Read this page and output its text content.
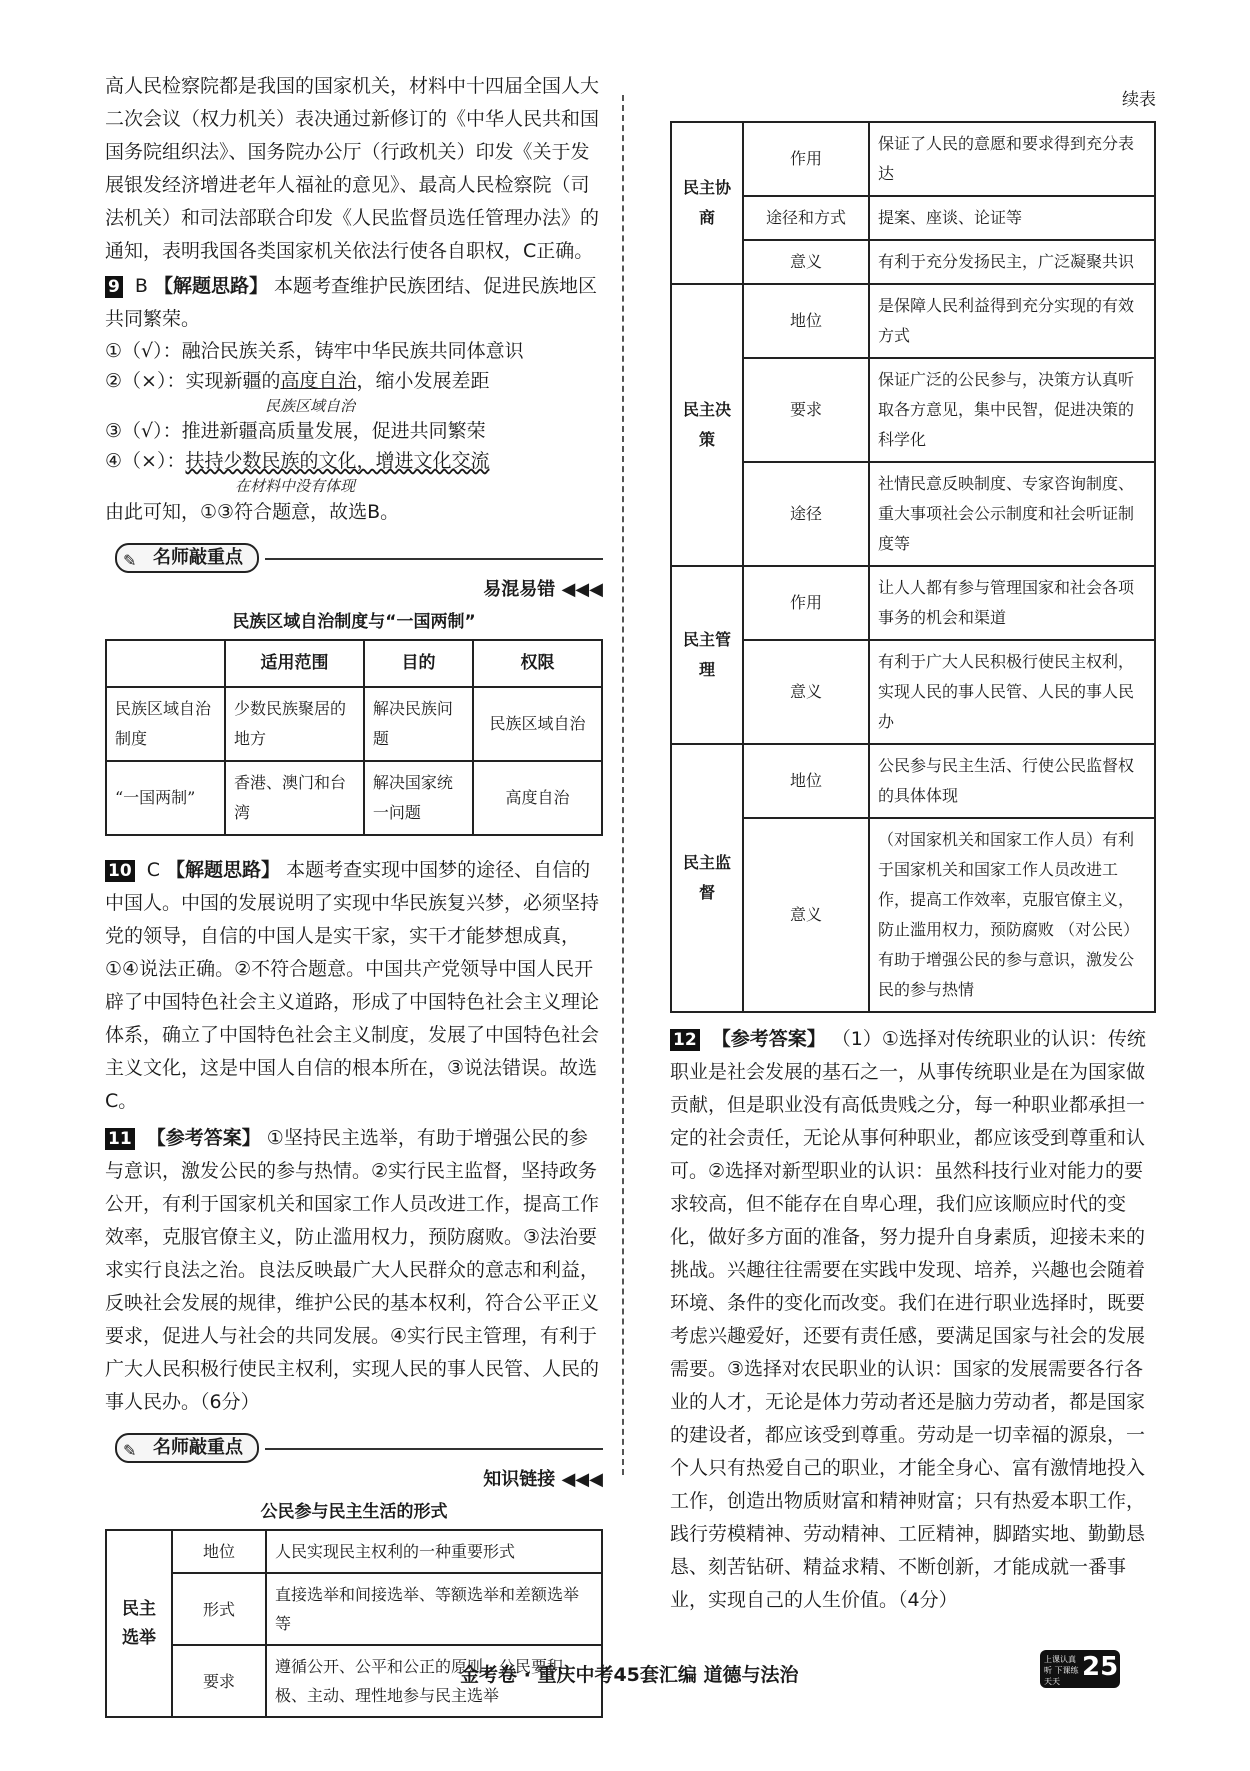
高人民检察院都是我国的国家机关，材料中十四届全国人大二次会议（权力机关）表决通过新修订的《中华人民共和国国务院组织法》、国务院办公厅（行政机关）印发《关于发展银发经济增进老年人福祉的意见》、最高人民检察院（司法机关）和司法部联合印发《人民监督员选任管理办法》的通知，表明我国各类国家机关依法行使各自职权，C正确。

9 B 【解题思路】 本题考查维护民族团结、促进民族地区共同繁荣。

①（√）：融洽民族关系，铸牢中华民族共同体意识

②（×）：实现新疆的高度自治，缩小发展差距

民族区域自治

③（√）：推进新疆高质量发展，促进共同繁荣

④（×）：扶持少数民族的文化，增进文化交流

在材料中没有体现

由此可知，①③符合题意，故选B。

✎ 名师敲重点
易混易错 ◀◀◀
民族区域自治制度与“一国两制”
	适用范围	目的	权限
民族区域自治制度	少数民族聚居的地方	解决民族问题	民族区域自治
“一国两制”	香港、澳门和台湾	解决国家统一问题	高度自治

10 C 【解题思路】 本题考查实现中国梦的途径、自信的中国人。中国的发展说明了实现中华民族复兴梦，必须坚持党的领导，自信的中国人是实干家，实干才能梦想成真，①④说法正确。②不符合题意。中国共产党领导中国人民开辟了中国特色社会主义道路，形成了中国特色社会主义理论体系，确立了中国特色社会主义制度，发展了中国特色社会主义文化，这是中国人自信的根本所在，③说法错误。故选C。

11 【参考答案】 ①坚持民主选举，有助于增强公民的参与意识，激发公民的参与热情。②实行民主监督，坚持政务公开，有利于国家机关和国家工作人员改进工作，提高工作效率，克服官僚主义，防止滥用权力，预防腐败。③法治要求实行良法之治。良法反映最广大人民群众的意志和利益，反映社会发展的规律，维护公民的基本权利，符合公平正义要求，促进人与社会的共同发展。④实行民主管理，有利于广大人民积极行使民主权利，实现人民的事人民管、人民的事人民办。（6分）

✎ 名师敲重点
知识链接 ◀◀◀
公民参与民主生活的形式
民主选举	地位	人民实现民主权利的一种重要形式
	形式	直接选举和间接选举、等额选举和差额选举等
	要求	遵循公开、公平和公正的原则，公民要积极、主动、理性地参与民主选举
续表
民主协商	作用	保证了人民的意愿和要求得到充分表达
	途径和方式	提案、座谈、论证等
	意义	有利于充分发扬民主，广泛凝聚共识
民主决策	地位	是保障人民利益得到充分实现的有效方式
	要求	保证广泛的公民参与，决策方认真听取各方意见，集中民智，促进决策的科学化
	途径	社情民意反映制度、专家咨询制度、重大事项社会公示制度和社会听证制度等
民主管理	作用	让人人都有参与管理国家和社会各项事务的机会和渠道
	意义	有利于广大人民积极行使民主权利，实现人民的事人民管、人民的事人民办
民主监督	地位	公民参与民主生活、行使公民监督权的具体体现
	意义	（对国家机关和国家工作人员）有利于国家机关和国家工作人员改进工作，提高工作效率，克服官僚主义，防止滥用权力，预防腐败 （对公民）有助于增强公民的参与意识，激发公民的参与热情

12 【参考答案】 （1）①选择对传统职业的认识：传统职业是社会发展的基石之一，从事传统职业是在为国家做贡献，但是职业没有高低贵贱之分，每一种职业都承担一定的社会责任，无论从事何种职业，都应该受到尊重和认可。②选择对新型职业的认识：虽然科技行业对能力的要求较高，但不能存在自卑心理，我们应该顺应时代的变化，做好多方面的准备，努力提升自身素质，迎接未来的挑战。兴趣往往需要在实践中发现、培养，兴趣也会随着环境、条件的变化而改变。我们在进行职业选择时，既要考虑兴趣爱好，还要有责任感，要满足国家与社会的发展需要。③选择对农民职业的认识：国家的发展需要各行各业的人才，无论是体力劳动者还是脑力劳动者，都是国家的建设者，都应该受到尊重。劳动是一切幸福的源泉，一个人只有热爱自己的职业，才能全身心、富有激情地投入工作，创造出物质财富和精神财富；只有热爱本职工作，践行劳模精神、劳动精神、工匠精神，脚踏实地、勤勤恳恳、刻苦钻研、精益求精、不断创新，才能成就一番事业，实现自己的人生价值。（4分）

金考卷 · 重庆中考45套汇编 道德与法治
上课认真听 下课练天天 25
